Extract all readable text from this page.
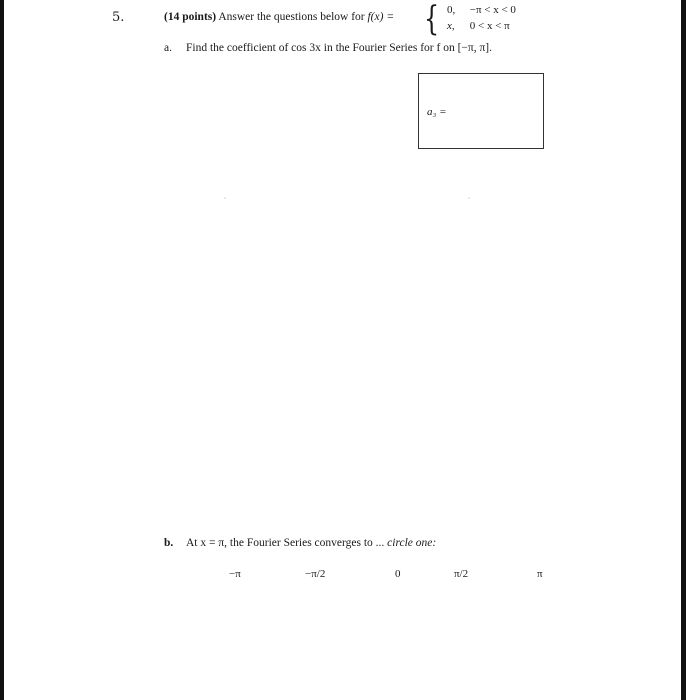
5.	(14 points) Answer the questions below for f(x) = { 0, −π < x < 0
x, 0 < x < π
a. Find the coefficient of cos 3x in the Fourier Series for f on [−π, π].
a₃ =
b. At x = π, the Fourier Series converges to ... circle one:
−π	−π/2	0	π/2	π
